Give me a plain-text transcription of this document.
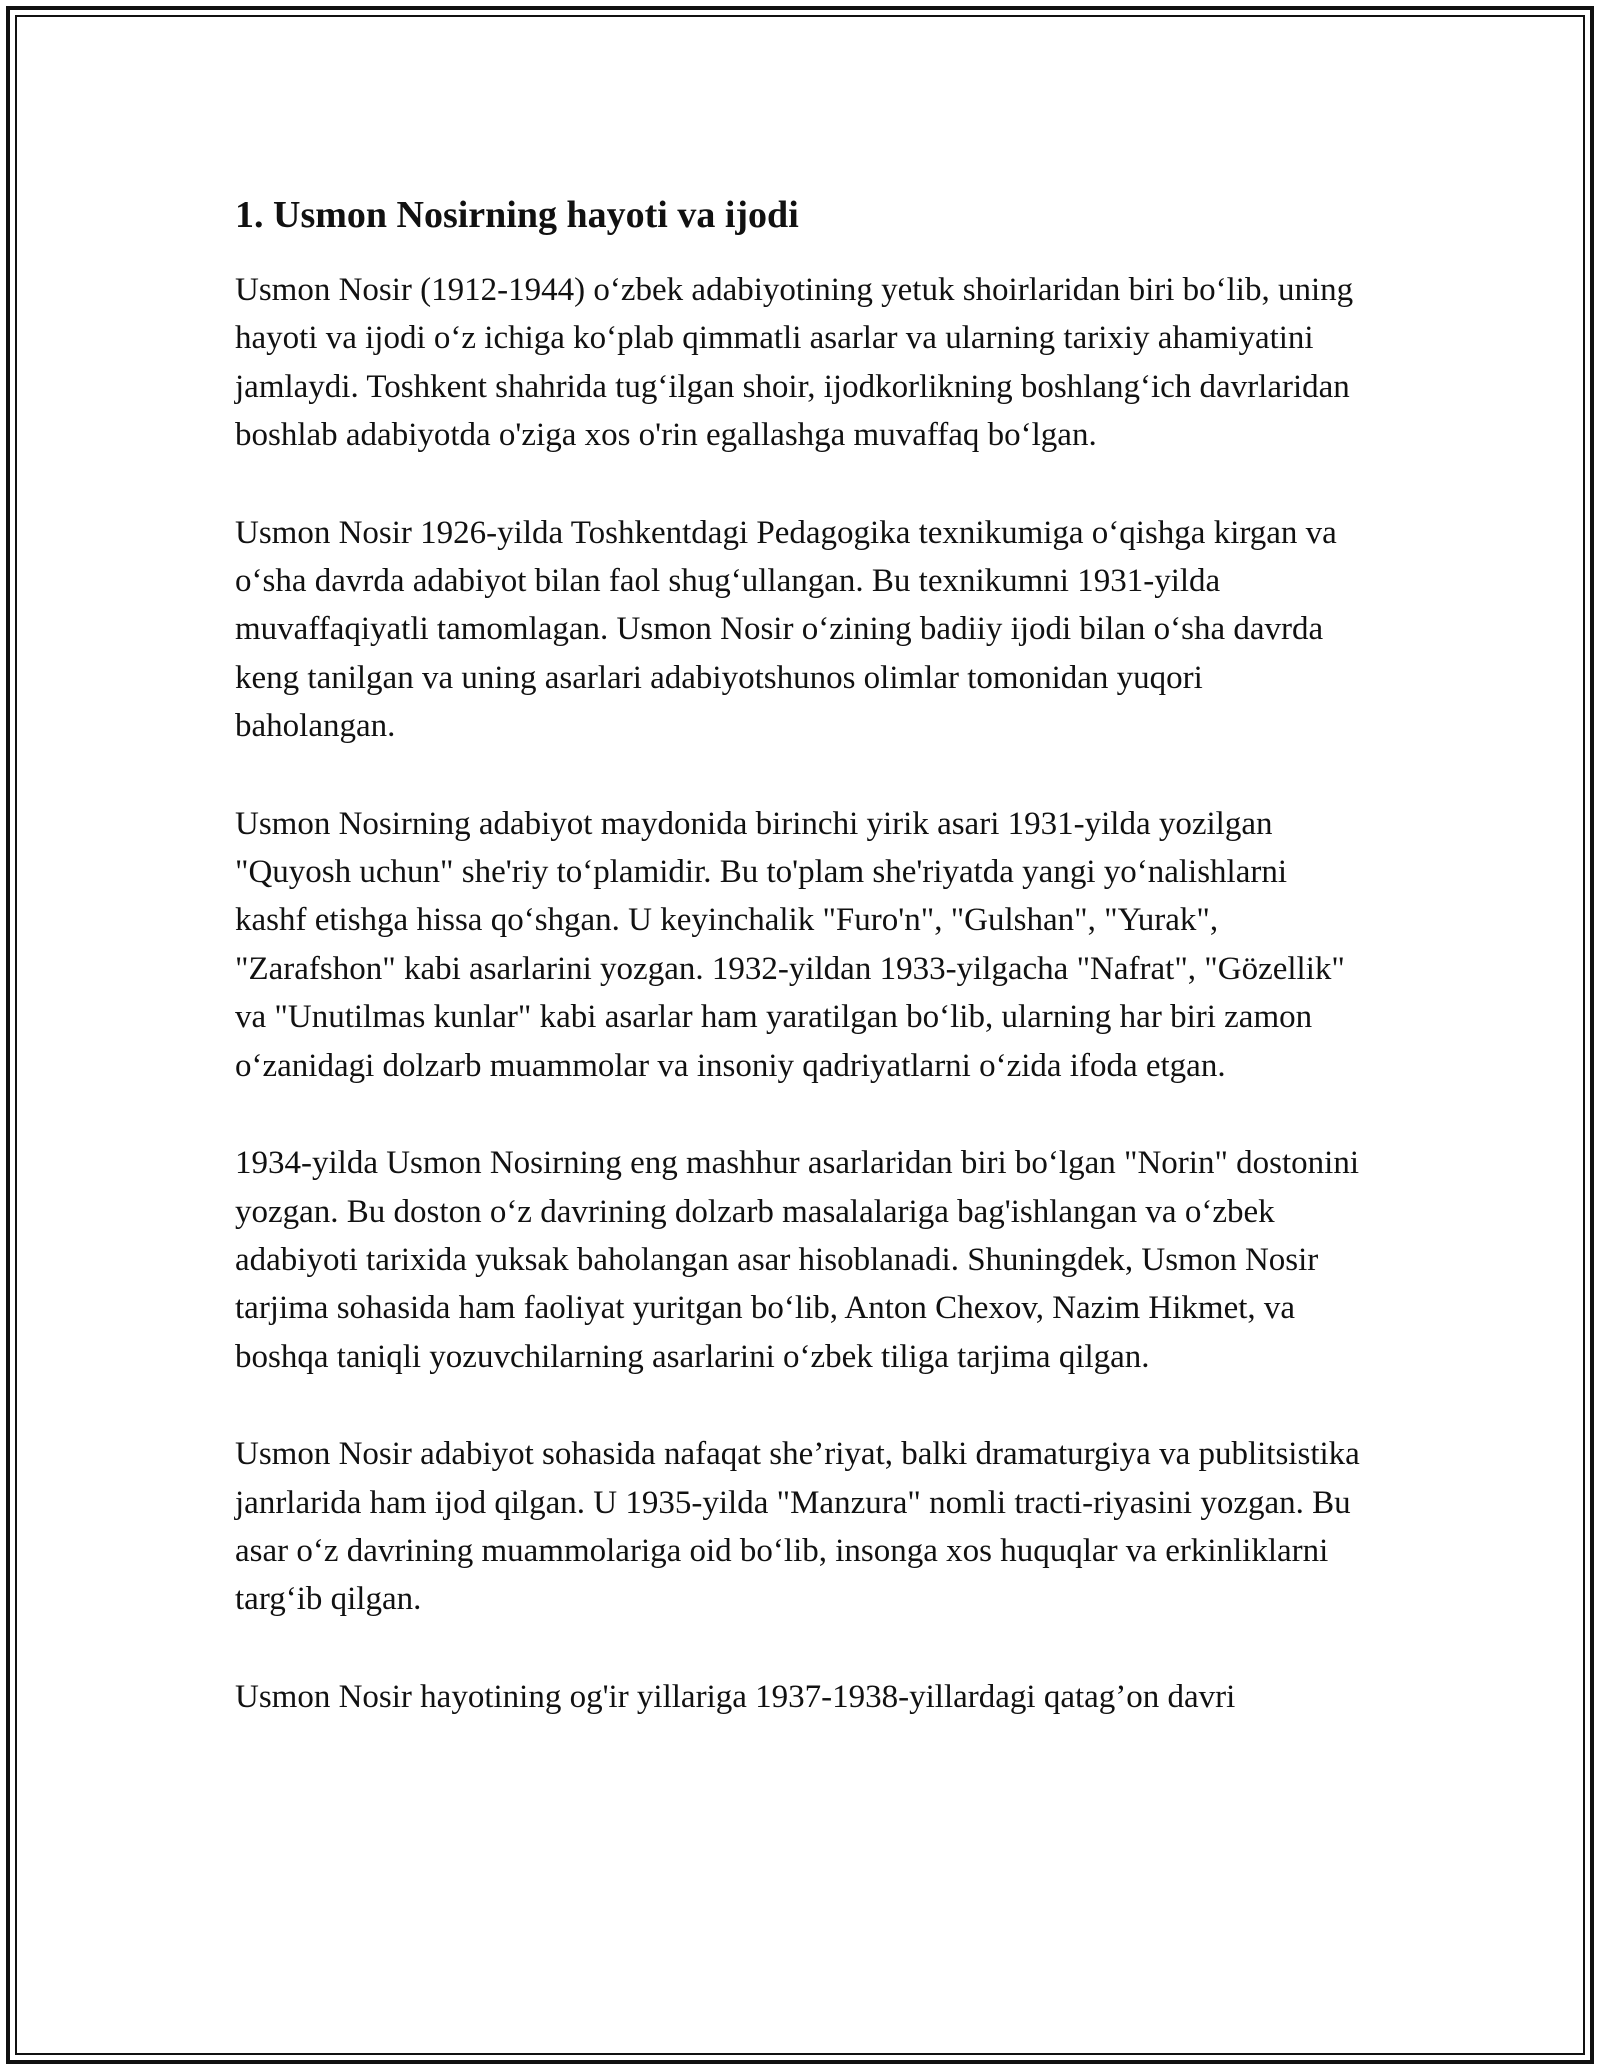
1. Usmon Nosirning hayoti va ijodi

Usmon Nosir (1912-1944) o‘zbek adabiyotining yetuk shoirlaridan biri bo‘lib, uning hayoti va ijodi o‘z ichiga ko‘plab qimmatli asarlar va ularning tarixiy ahamiyatini jamlaydi. Toshkent shahrida tug‘ilgan shoir, ijodkorlikning boshlang‘ich davrlaridan boshlab adabiyotda o'ziga xos o'rin egallashga muvaffaq bo‘lgan.

Usmon Nosir 1926-yilda Toshkentdagi Pedagogika texnikumiga o‘qishga kirgan va o‘sha davrda adabiyot bilan faol shug‘ullangan. Bu texnikumni 1931-yilda muvaffaqiyatli tamomlagan. Usmon Nosir o‘zining badiiy ijodi bilan o‘sha davrda keng tanilgan va uning asarlari adabiyotshunos olimlar tomonidan yuqori baholangan.

Usmon Nosirning adabiyot maydonida birinchi yirik asari 1931-yilda yozilgan "Quyosh uchun" she'riy to‘plamidir. Bu to'plam she'riyatda yangi yo‘nalishlarni kashf etishga hissa qo‘shgan. U keyinchalik "Furo'n", "Gulshan", "Yurak", "Zarafshon" kabi asarlarini yozgan. 1932-yildan 1933-yilgacha "Nafrat", "Gözellik" va "Unutilmas kunlar" kabi asarlar ham yaratilgan bo‘lib, ularning har biri zamon o‘zanidagi dolzarb muammolar va insoniy qadriyatlarni o‘zida ifoda etgan.

1934-yilda Usmon Nosirning eng mashhur asarlaridan biri bo‘lgan "Norin" dostonini yozgan. Bu doston o‘z davrining dolzarb masalalariga bag'ishlangan va o‘zbek adabiyoti tarixida yuksak baholangan asar hisoblanadi. Shuningdek, Usmon Nosir tarjima sohasida ham faoliyat yuritgan bo‘lib, Anton Chexov, Nazim Hikmet, va boshqa taniqli yozuvchilarning asarlarini o‘zbek tiliga tarjima qilgan.

Usmon Nosir adabiyot sohasida nafaqat she’riyat, balki dramaturgiya va publitsistika janrlarida ham ijod qilgan. U 1935-yilda "Manzura" nomli tracti-riyasini yozgan. Bu asar o‘z davrining muammolariga oid bo‘lib, insonga xos huquqlar va erkinliklarni targ‘ib qilgan.

Usmon Nosir hayotining og'ir yillariga 1937-1938-yillardagi qatag’on davri
